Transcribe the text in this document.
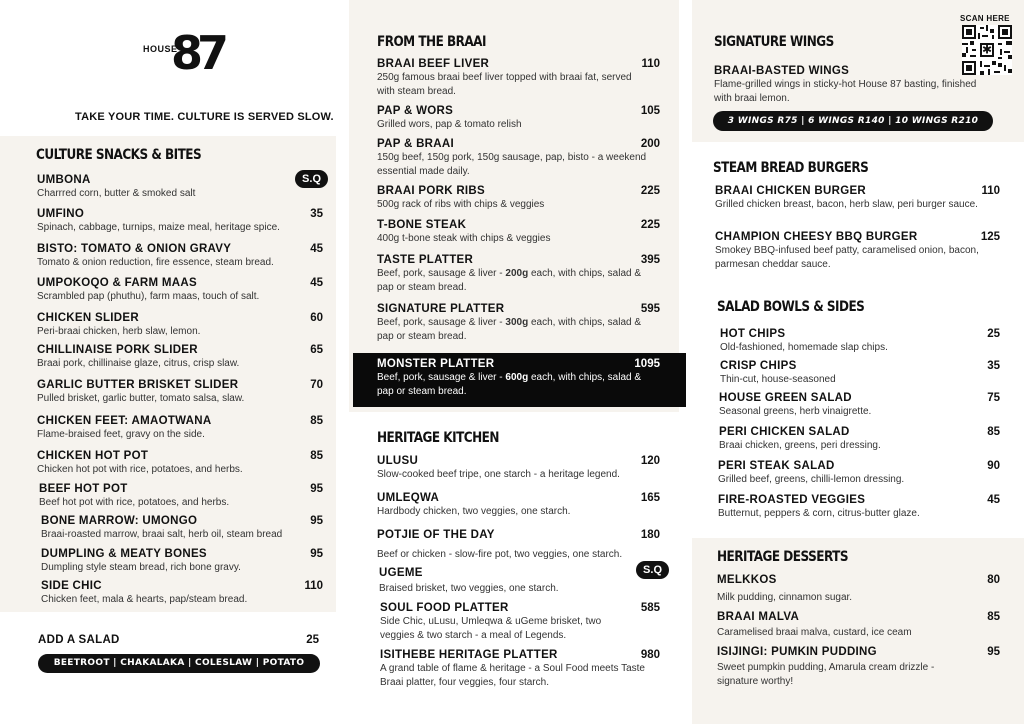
HOUSE
87
TAKE YOUR TIME. CULTURE IS SERVED SLOW.
CULTURE SNACKS & BITES
UMBONA
Charrred corn, butter & smoked salt
S.Q
UMFINO
Spinach, cabbage, turnips, maize meal, heritage spice.
35
BISTO: TOMATO & ONION GRAVY
Tomato & onion reduction, fire essence, steam bread.
45
UMPOKOQO & FARM MAAS
Scrambled pap (phuthu), farm maas, touch of salt.
45
CHICKEN SLIDER
Peri-braai chicken, herb slaw, lemon.
60
CHILLINAISE PORK SLIDER
Braai pork, chillinaise glaze, citrus, crisp slaw.
65
GARLIC BUTTER BRISKET SLIDER
Pulled brisket, garlic butter, tomato salsa, slaw.
70
CHICKEN FEET: AMAOTWANA
Flame-braised feet, gravy on the side.
85
CHICKEN HOT POT
Chicken hot pot with rice, potatoes, and herbs.
85
BEEF HOT POT
Beef hot pot with rice, potatoes, and herbs.
95
BONE MARROW: UMONGO
Braai-roasted marrow, braai salt, herb oil, steam bread
95
DUMPLING & MEATY BONES
Dumpling style steam bread, rich bone gravy.
95
SIDE CHIC
Chicken feet, mala & hearts, pap/steam bread.
110
ADD A SALAD	25
BEETROOT | CHAKALAKA | COLESLAW | POTATO SALAD
FROM THE BRAAI
BRAAI BEEF LIVER
250g famous braai beef liver topped with braai fat, served with steam bread.
110
PAP & WORS
Grilled wors, pap & tomato relish
105
PAP & BRAAI
150g beef, 150g pork, 150g sausage, pap, bisto - a weekend essential made daily.
200
BRAAI PORK RIBS
500g rack of ribs with chips & veggies
225
T-BONE STEAK
400g t-bone steak with chips & veggies
225
TASTE PLATTER
Beef, pork, sausage & liver - 200g each, with chips, salad & pap or steam bread.
395
SIGNATURE PLATTER
Beef, pork, sausage & liver - 300g each, with chips, salad & pap or steam bread.
595
MONSTER PLATTER
Beef, pork, sausage & liver - 600g each, with chips, salad & pap or steam bread.
1095
HERITAGE KITCHEN
ULUSU
Slow-cooked beef tripe, one starch - a heritage legend.
120
UMLEQWA
Hardbody chicken, two veggies, one starch.
165
POTJIE OF THE DAY
Beef or chicken - slow-fire pot, two veggies, one starch.
180
UGEME
Braised brisket, two veggies, one starch.
S.Q
SOUL FOOD PLATTER
Side Chic, uLusu, Umleqwa & uGeme brisket, two veggies & two starch - a meal of Legends.
585
ISITHEBE HERITAGE PLATTER
A grand table of flame & heritage - a Soul Food meets Taste Braai platter, four veggies, four starch.
980
SIGNATURE WINGS
SCAN HERE
✱
BRAAI-BASTED WINGS
Flame-grilled wings in sticky-hot House 87 basting, finished with braai lemon.
3 WINGS R75 | 6 WINGS R140 | 10 WINGS R210
STEAM BREAD BURGERS
BRAAI CHICKEN BURGER
Grilled chicken breast, bacon, herb slaw, peri burger sauce.
110
CHAMPION CHEESY BBQ BURGER
Smokey BBQ-infused beef patty, caramelised onion, bacon, parmesan cheddar sauce.
125
SALAD BOWLS & SIDES
HOT CHIPS
Old-fashioned, homemade slap chips.
25
CRISP CHIPS
Thin-cut, house-seasoned
35
HOUSE GREEN SALAD
Seasonal greens, herb vinaigrette.
75
PERI CHICKEN SALAD
Braai chicken, greens, peri dressing.
85
PERI STEAK SALAD
Grilled beef, greens, chilli-lemon dressing.
90
FIRE-ROASTED VEGGIES
Butternut, peppers & corn, citrus-butter glaze.
45
HERITAGE DESSERTS
MELKKOS
Milk pudding, cinnamon sugar.
80
BRAAI MALVA
Caramelised braai malva, custard, ice ceam
85
ISIJINGI: PUMKIN PUDDING
Sweet pumpkin pudding, Amarula cream drizzle - signature worthy!
95
